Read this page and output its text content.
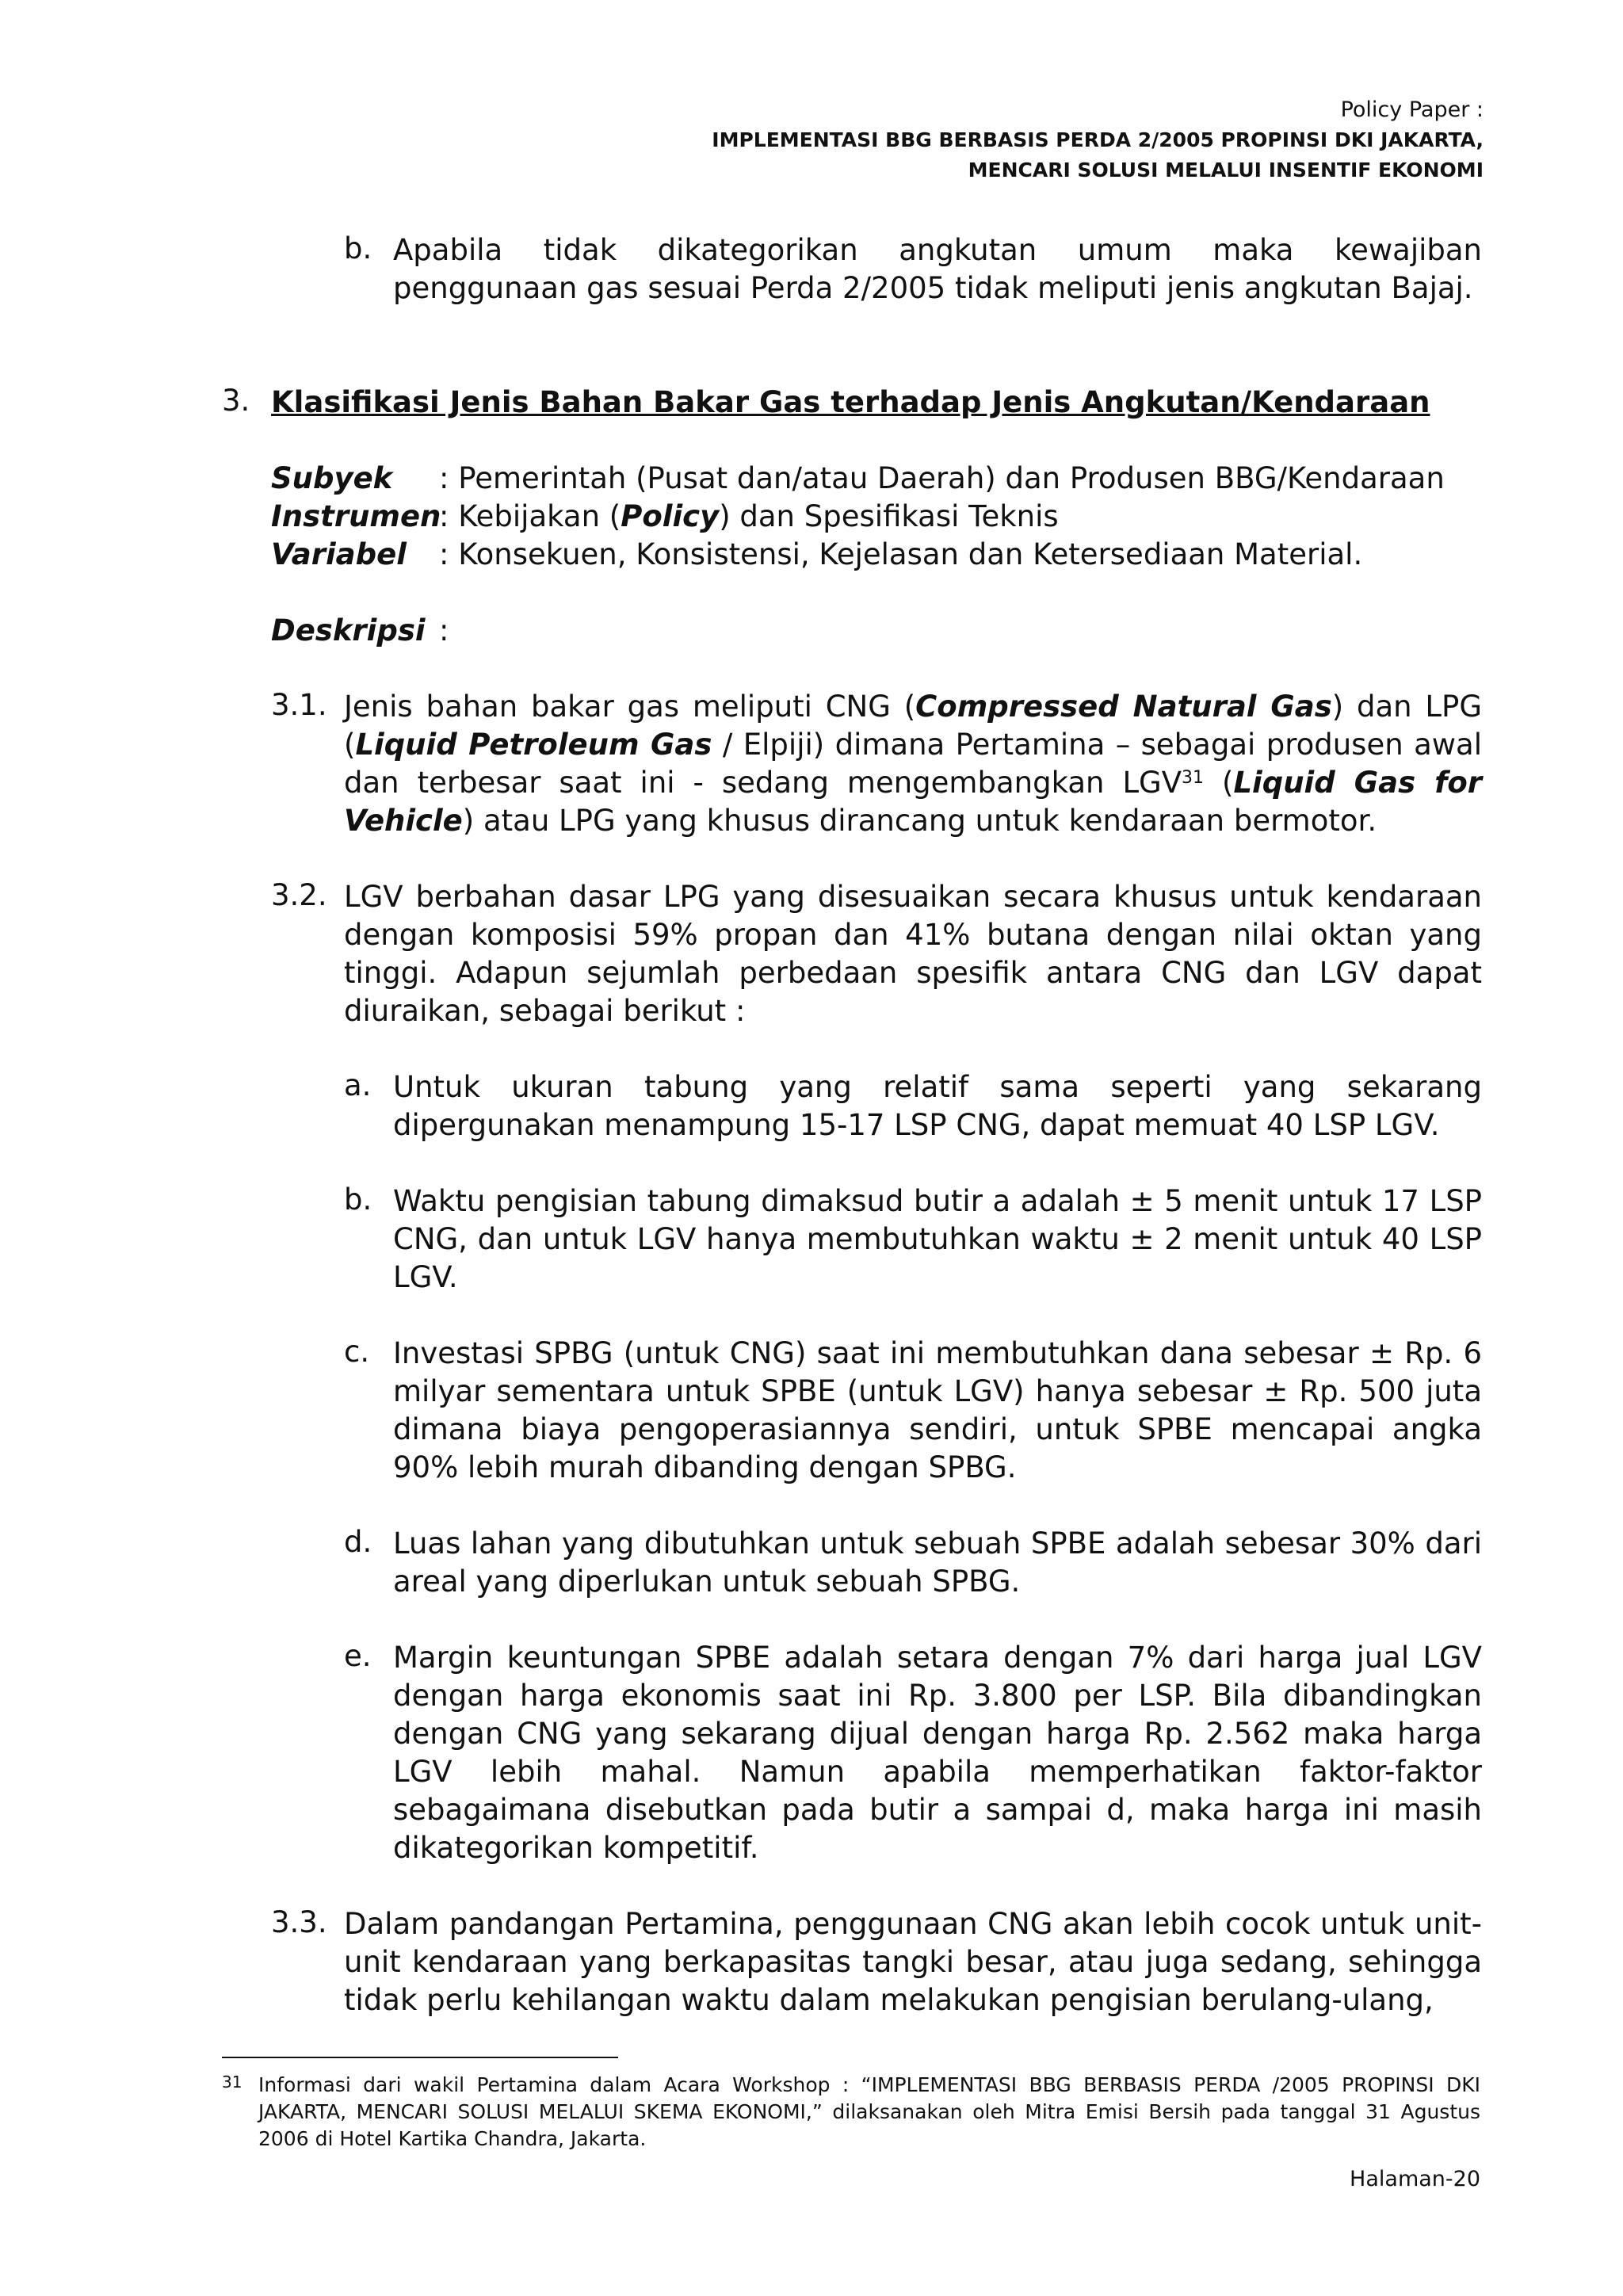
Policy Paper :
IMPLEMENTASI BBG BERBASIS PERDA 2/2005 PROPINSI DKI JAKARTA,
MENCARI SOLUSI MELALUI INSENTIF EKONOMI
b. Apabila tidak dikategorikan angkutan umum maka kewajiban penggunaan gas sesuai Perda 2/2005 tidak meliputi jenis angkutan Bajaj.
3. Klasifikasi Jenis Bahan Bakar Gas terhadap Jenis Angkutan/Kendaraan
Subyek : Pemerintah (Pusat dan/atau Daerah) dan Produsen BBG/Kendaraan
Instrumen: Kebijakan (Policy) dan Spesifikasi Teknis
Variabel : Konsekuen, Konsistensi, Kejelasan dan Ketersediaan Material.
Deskripsi :
3.1. Jenis bahan bakar gas meliputi CNG (Compressed Natural Gas) dan LPG (Liquid Petroleum Gas / Elpiji) dimana Pertamina – sebagai produsen awal dan terbesar saat ini - sedang mengembangkan LGV$^{31}$ (Liquid Gas for Vehicle) atau LPG yang khusus dirancang untuk kendaraan bermotor.
3.2. LGV berbahan dasar LPG yang disesuaikan secara khusus untuk kendaraan dengan komposisi 59% propan dan 41% butana dengan nilai oktan yang tinggi. Adapun sejumlah perbedaan spesifik antara CNG dan LGV dapat diuraikan, sebagai berikut :
a. Untuk ukuran tabung yang relatif sama seperti yang sekarang dipergunakan menampung 15-17 LSP CNG, dapat memuat 40 LSP LGV.
b. Waktu pengisian tabung dimaksud butir a adalah ± 5 menit untuk 17 LSP CNG, dan untuk LGV hanya membutuhkan waktu ± 2 menit untuk 40 LSP LGV.
c. Investasi SPBG (untuk CNG) saat ini membutuhkan dana sebesar ± Rp. 6 milyar sementara untuk SPBE (untuk LGV) hanya sebesar ± Rp. 500 juta dimana biaya pengoperasiannya sendiri, untuk SPBE mencapai angka 90% lebih murah dibanding dengan SPBG.
d. Luas lahan yang dibutuhkan untuk sebuah SPBE adalah sebesar 30% dari areal yang diperlukan untuk sebuah SPBG.
e. Margin keuntungan SPBE adalah setara dengan 7% dari harga jual LGV dengan harga ekonomis saat ini Rp. 3.800 per LSP. Bila dibandingkan dengan CNG yang sekarang dijual dengan harga Rp. 2.562 maka harga LGV lebih mahal. Namun apabila memperhatikan faktor-faktor sebagaimana disebutkan pada butir a sampai d, maka harga ini masih dikategorikan kompetitif.
3.3. Dalam pandangan Pertamina, penggunaan CNG akan lebih cocok untuk unit-unit kendaraan yang berkapasitas tangki besar, atau juga sedang, sehingga tidak perlu kehilangan waktu dalam melakukan pengisian berulang-ulang,
31 Informasi dari wakil Pertamina dalam Acara Workshop : “IMPLEMENTASI BBG BERBASIS PERDA /2005 PROPINSI DKI JAKARTA, MENCARI SOLUSI MELALUI SKEMA EKONOMI,” dilaksanakan oleh Mitra Emisi Bersih pada tanggal 31 Agustus 2006 di Hotel Kartika Chandra, Jakarta.
Halaman-20
